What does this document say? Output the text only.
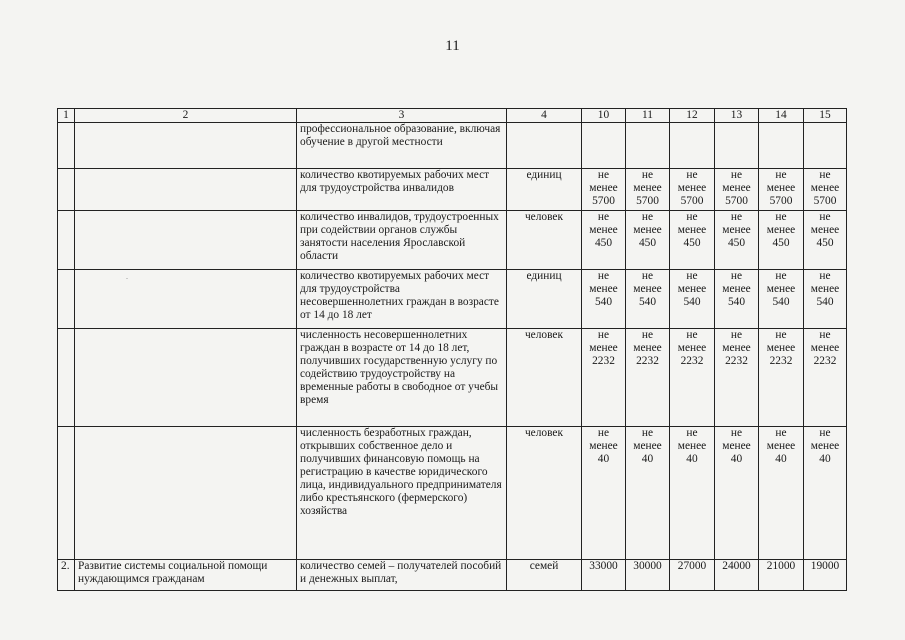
11
1	2	3	4	10	11	12	13	14	15
		профессиональное образование, включая обучение в другой местности							
		количество квотируемых рабочих мест для трудоустройства инвалидов	единиц	не менее 5700	не менее 5700	не менее 5700	не менее 5700	не менее 5700	не менее 5700
		количество инвалидов, трудоустроенных при содействии органов службы занятости населения Ярославской области	человек	не менее 450	не менее 450	не менее 450	не менее 450	не менее 450	не менее 450
		количество квотируемых рабочих мест для трудоустройства несовершеннолетних граждан в возрасте от 14 до 18 лет	единиц	не менее 540	не менее 540	не менее 540	не менее 540	не менее 540	не менее 540
		численность несовершеннолетних граждан в возрасте от 14 до 18 лет, получивших государственную услугу по содействию трудоустройству на временные работы в свободное от учебы время	человек	не менее 2232	не менее 2232	не менее 2232	не менее 2232	не менее 2232	не менее 2232
		численность безработных граждан, открывших собственное дело и получивших финансовую помощь на регистрацию в качестве юридического лица, индивидуального предпринимателя либо крестьянского (фермерского) хозяйства	человек	не менее 40	не менее 40	не менее 40	не менее 40	не менее 40	не менее 40
2.	Развитие системы социальной помощи нуждающимся гражданам	количество семей – получателей пособий и денежных выплат,	семей	33000	30000	27000	24000	21000	19000
.
